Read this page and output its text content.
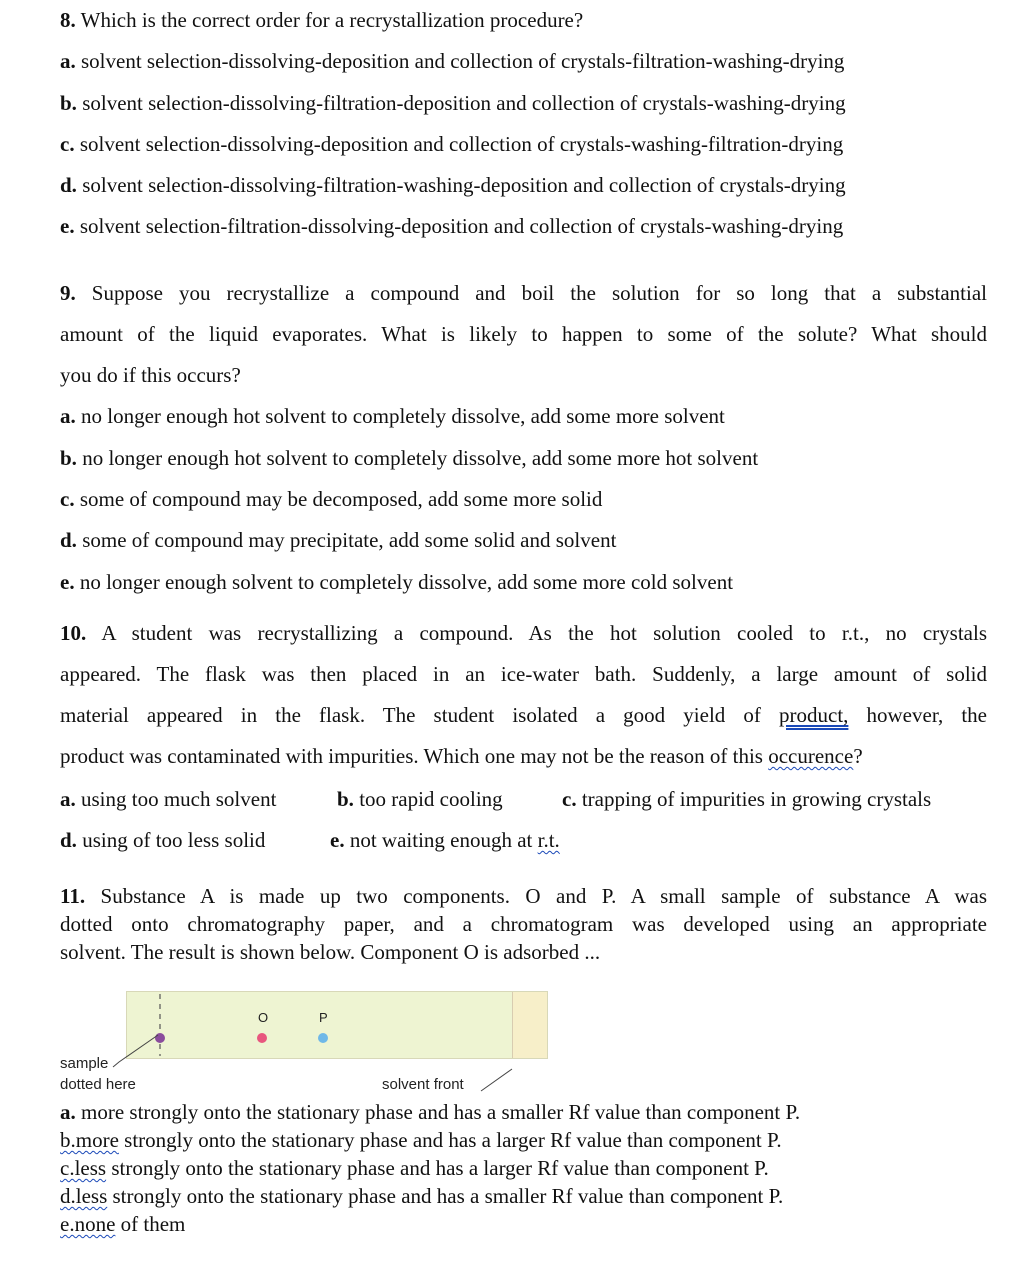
8. Which is the correct order for a recrystallization procedure?
a. solvent selection-dissolving-deposition and collection of crystals-filtration-washing-drying
b. solvent selection-dissolving-filtration-deposition and collection of crystals-washing-drying
c. solvent selection-dissolving-deposition and collection of crystals-washing-filtration-drying
d. solvent selection-dissolving-filtration-washing-deposition and collection of crystals-drying
e. solvent selection-filtration-dissolving-deposition and collection of crystals-washing-drying
9. Suppose you recrystallize a compound and boil the solution for so long that a substantial
amount of the liquid evaporates. What is likely to happen to some of the solute? What should
you do if this occurs?
a. no longer enough hot solvent to completely dissolve, add some more solvent
b. no longer enough hot solvent to completely dissolve, add some more hot solvent
c. some of compound may be decomposed, add some more solid
d. some of compound may precipitate, add some solid and solvent
e. no longer enough solvent to completely dissolve, add some more cold solvent
10. A student was recrystallizing a compound. As the hot solution cooled to r.t., no crystals
appeared. The flask was then placed in an ice-water bath. Suddenly, a large amount of solid
material appeared in the flask. The student isolated a good yield of product, however, the
product was contaminated with impurities. Which one may not be the reason of this occurence?
a. using too much solvent	b. too rapid cooling	c. trapping of impurities in growing crystals
d. using of too less solid	e. not waiting enough at r.t.
11. Substance A is made up two components. O and P. A small sample of substance A was
dotted onto chromatography paper, and a chromatogram was developed using an appropriate
solvent. The result is shown below. Component O is adsorbed ...
O	P
sample
dotted here	solvent front
a. more strongly onto the stationary phase and has a smaller Rf value than component P.
b.more strongly onto the stationary phase and has a larger Rf value than component P.
c.less strongly onto the stationary phase and has a larger Rf value than component P.
d.less strongly onto the stationary phase and has a smaller Rf value than component P.
e.none of them
